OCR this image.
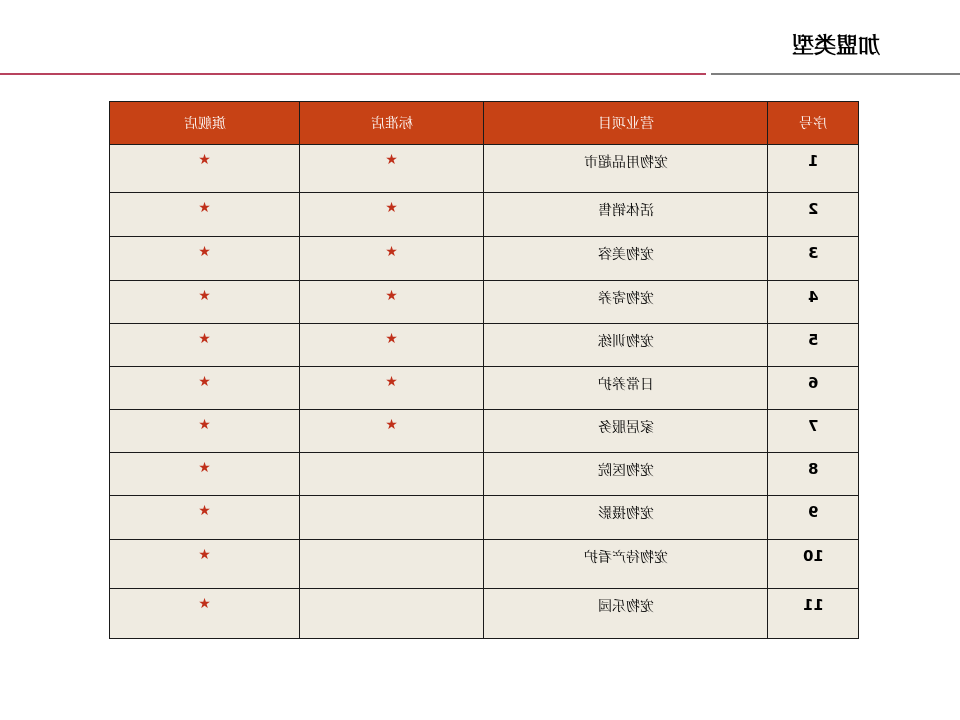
加盟类型
旗舰店	标准店	营业项目	序号
★	★	宠物用品超市	1
★	★	活体销售	2
★	★	宠物美容	3
★	★	宠物寄养	4
★	★	宠物训练	5
★	★	日常养护	6
★	★	家居服务	7
★		宠物医院	8
★		宠物摄影	9
★		宠物待产看护	10
★		宠物乐园	11
